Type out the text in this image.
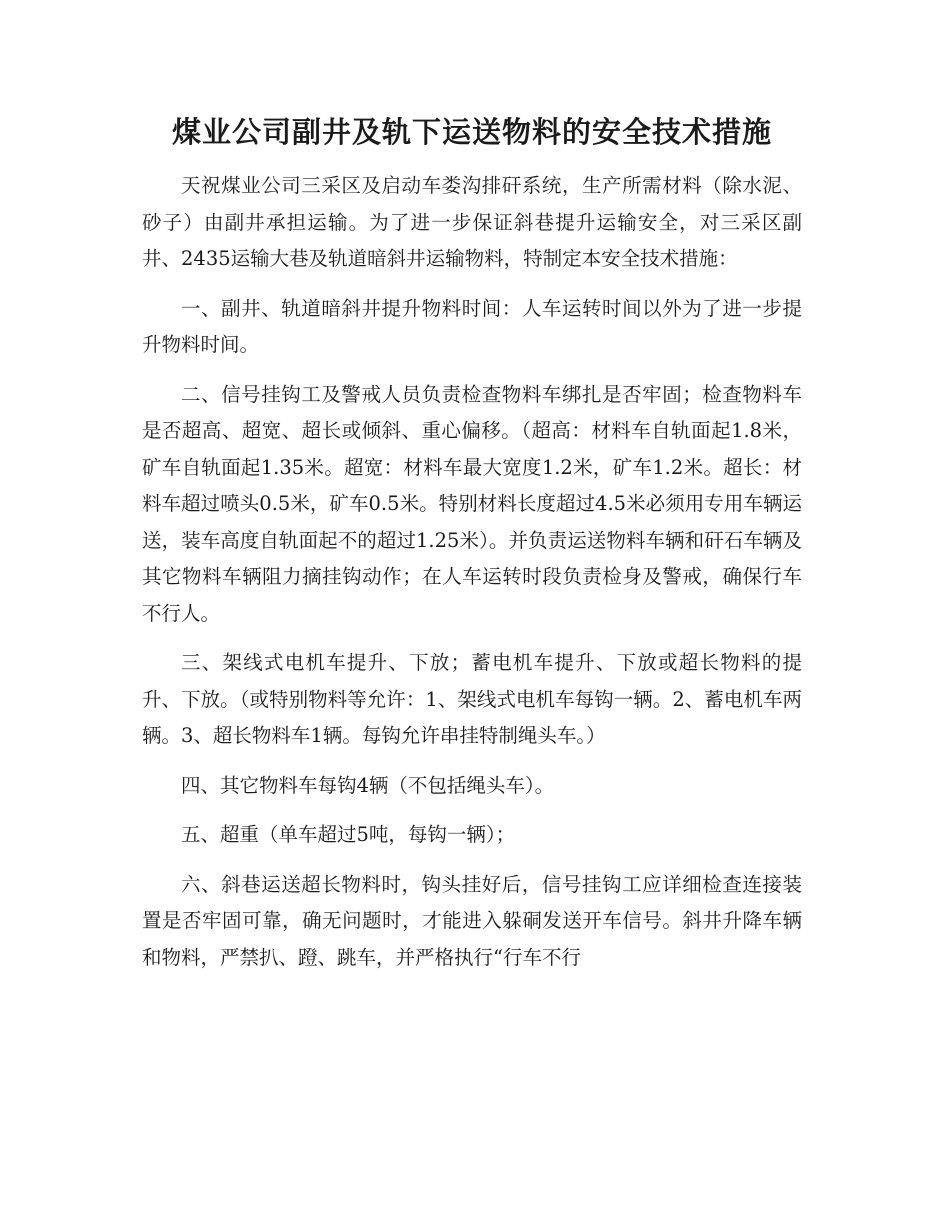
煤业公司副井及轨下运送物料的安全技术措施

天祝煤业公司三采区及启动车娄沟排矸系统，生产所需材料（除水泥、砂子）由副井承担运输。为了进一步保证斜巷提升运输安全，对三采区副井、2435运输大巷及轨道暗斜井运输物料，特制定本安全技术措施：

一、副井、轨道暗斜井提升物料时间：人车运转时间以外为了进一步提升物料时间。

二、信号挂钩工及警戒人员负责检查物料车绑扎是否牢固；检查物料车是否超高、超宽、超长或倾斜、重心偏移。（超高：材料车自轨面起1.8米，矿车自轨面起1.35米。超宽：材料车最大宽度1.2米，矿车1.2米。超长：材料车超过喷头0.5米，矿车0.5米。特别材料长度超过4.5米必须用专用车辆运送，装车高度自轨面起不的超过1.25米）。并负责运送物料车辆和矸石车辆及其它物料车辆阻力摘挂钩动作；在人车运转时段负责检身及警戒，确保行车不行人。

三、架线式电机车提升、下放；蓄电机车提升、下放或超长物料的提升、下放。（或特别物料等允许：1、架线式电机车每钩一辆。2、蓄电机车两辆。3、超长物料车1辆。每钩允许串挂特制绳头车。）

四、其它物料车每钩4辆（不包括绳头车）。

五、超重（单车超过5吨，每钩一辆）；

六、斜巷运送超长物料时，钩头挂好后，信号挂钩工应详细检查连接装置是否牢固可靠，确无问题时，才能进入躲硐发送开车信号。斜井升降车辆和物料，严禁扒、蹬、跳车，并严格执行“行车不行
